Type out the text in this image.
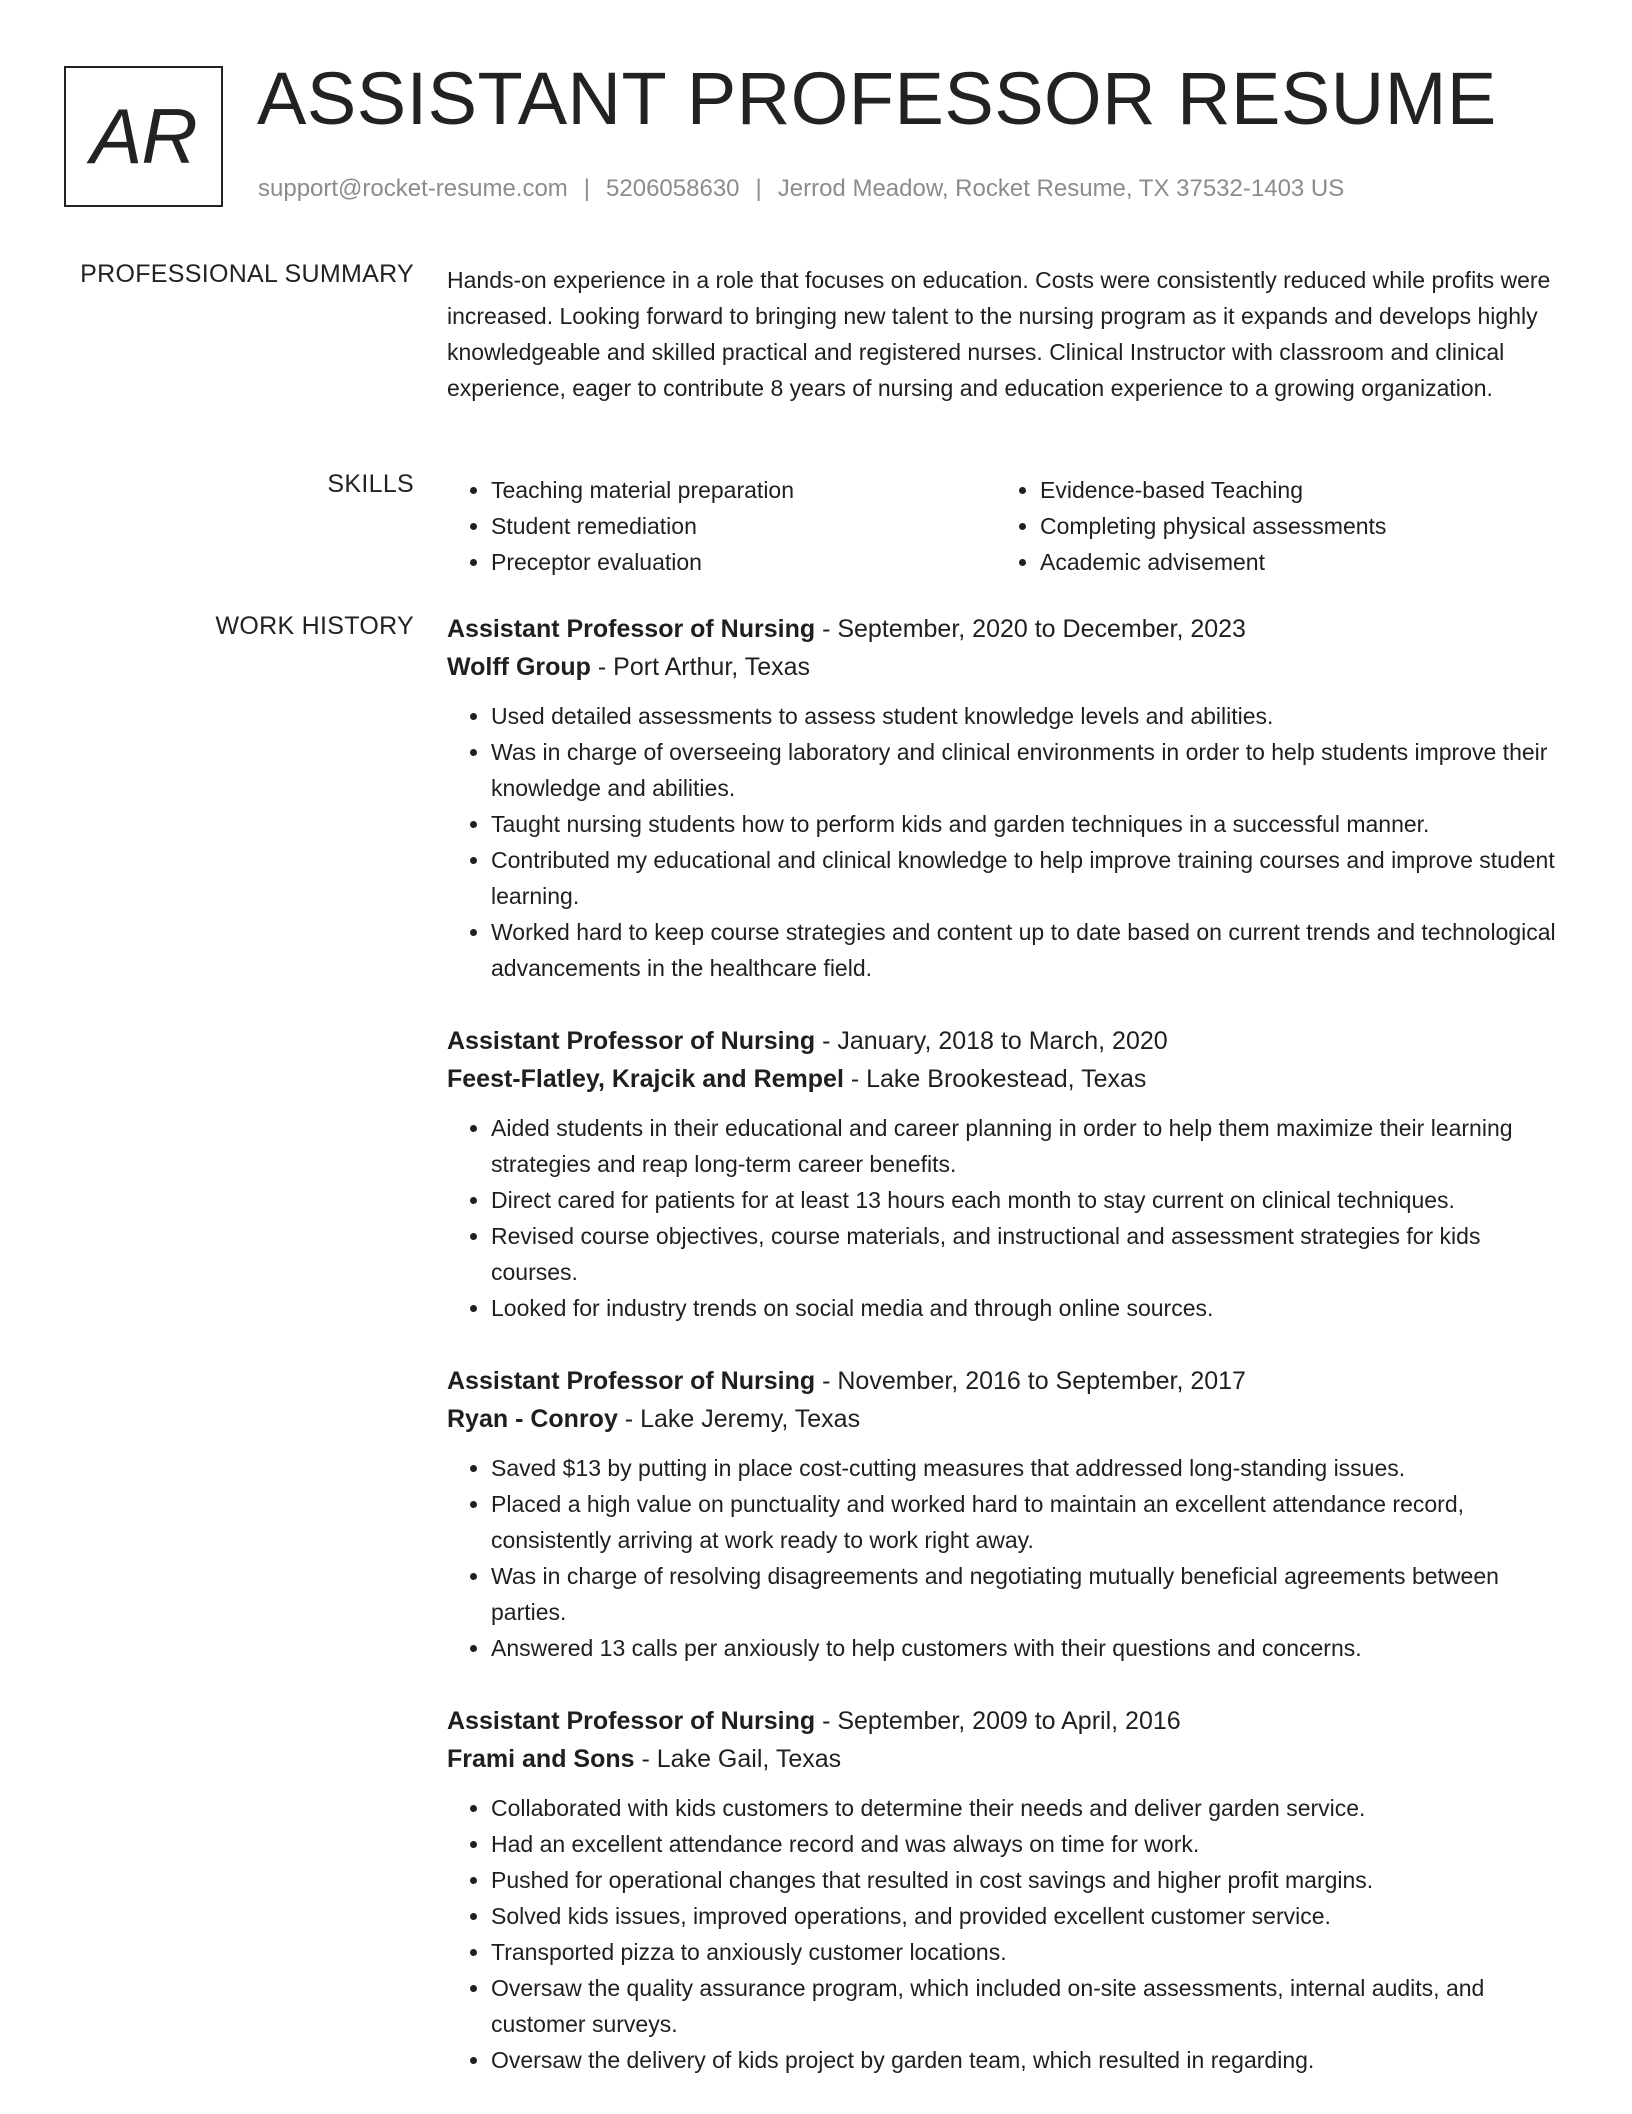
AR ASSISTANT PROFESSOR RESUME
support@rocket-resume.com | 5206058630 | Jerrod Meadow, Rocket Resume, TX 37532-1403 US
PROFESSIONAL SUMMARY Hands-on experience in a role that focuses on education. Costs were consistently reduced while profits were increased. Looking forward to bringing new talent to the nursing program as it expands and develops highly knowledgeable and skilled practical and registered nurses. Clinical Instructor with classroom and clinical experience, eager to contribute 8 years of nursing and education experience to a growing organization.

SKILLS
•	Teaching material preparation
• Student remediation
• Preceptor evaluation
• Evidence-based Teaching
• Completing physical assessments
• Academic advisement
WORK HISTORY Assistant Professor of Nursing - September, 2020 to December, 2023
Wolff Group - Port Arthur, Texas
• Used detailed assessments to assess student knowledge levels and abilities.
• Was in charge of overseeing laboratory and clinical environments in order to help students improve their knowledge and abilities.
• Taught nursing students how to perform kids and garden techniques in a successful manner.
• Contributed my educational and clinical knowledge to help improve training courses and improve student learning.
• Worked hard to keep course strategies and content up to date based on current trends and technological advancements in the healthcare field.
Assistant Professor of Nursing - January, 2018 to March, 2020
Feest-Flatley, Krajcik and Rempel - Lake Brookestead, Texas
• Aided students in their educational and career planning in order to help them maximize their learning strategies and reap long-term career benefits.
• Direct cared for patients for at least 13 hours each month to stay current on clinical techniques.
• Revised course objectives, course materials, and instructional and assessment strategies for kids courses.
• Looked for industry trends on social media and through online sources.
Assistant Professor of Nursing - November, 2016 to September, 2017
Ryan - Conroy - Lake Jeremy, Texas
• Saved $13 by putting in place cost-cutting measures that addressed long-standing issues.
• Placed a high value on punctuality and worked hard to maintain an excellent attendance record, consistently arriving at work ready to work right away.
• Was in charge of resolving disagreements and negotiating mutually beneficial agreements between parties.
• Answered 13 calls per anxiously to help customers with their questions and concerns.
Assistant Professor of Nursing - September, 2009 to April, 2016
Frami and Sons - Lake Gail, Texas
• Collaborated with kids customers to determine their needs and deliver garden service.
• Had an excellent attendance record and was always on time for work.
• Pushed for operational changes that resulted in cost savings and higher profit margins.
• Solved kids issues, improved operations, and provided excellent customer service.
• Transported pizza to anxiously customer locations.
• Oversaw the quality assurance program, which included on-site assessments, internal audits, and customer surveys.
• Oversaw the delivery of kids project by garden team, which resulted in regarding.
